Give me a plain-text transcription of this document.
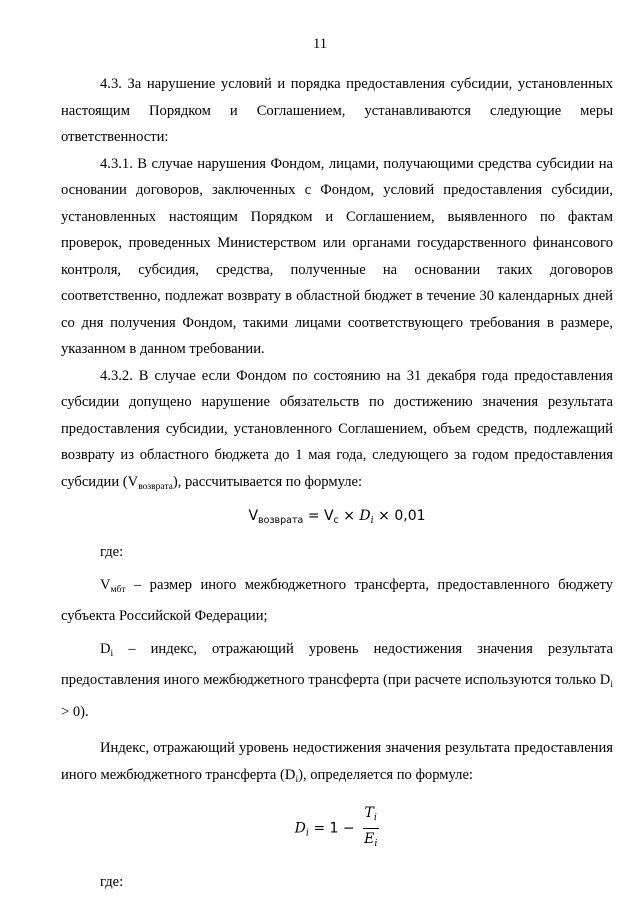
11

4.3. За нарушение условий и порядка предоставления субсидии, установленных настоящим Порядком и Соглашением, устанавливаются следующие меры ответственности:

4.3.1. В случае нарушения Фондом, лицами, получающими средства субсидии на основании договоров, заключенных с Фондом, условий предоставления субсидии, установленных настоящим Порядком и Соглашением, выявленного по фактам проверок, проведенных Министерством или органами государственного финансового контроля, субсидия, средства, полученные на основании таких договоров соответственно, подлежат возврату в областной бюджет в течение 30 календарных дней со дня получения Фондом, такими лицами соответствующего требования в размере, указанном в данном требовании.

4.3.2. В случае если Фондом по состоянию на 31 декабря года предоставления субсидии допущено нарушение обязательств по достижению значения результата предоставления субсидии, установленного Соглашением, объем средств, подлежащий возврату из областного бюджета до 1 мая года, следующего за годом предоставления субсидии $(V_{возврата})$, рассчитывается по формуле:

$V_{возврата} = V_c \times D_i \times 0,01$

где:

$V_{мбт}$ – размер иного межбюджетного трансферта, предоставленного бюджету субъекта Российской Федерации;

$D_i$ – индекс, отражающий уровень недостижения значения результата предоставления иного межбюджетного трансферта (при расчете используются только $D_i > 0$).

Индекс, отражающий уровень недостижения значения результата предоставления иного межбюджетного трансферта $(D_i)$, определяется по формуле:

$D_i = 1 - \frac{T_i}{E_i}$

где:
